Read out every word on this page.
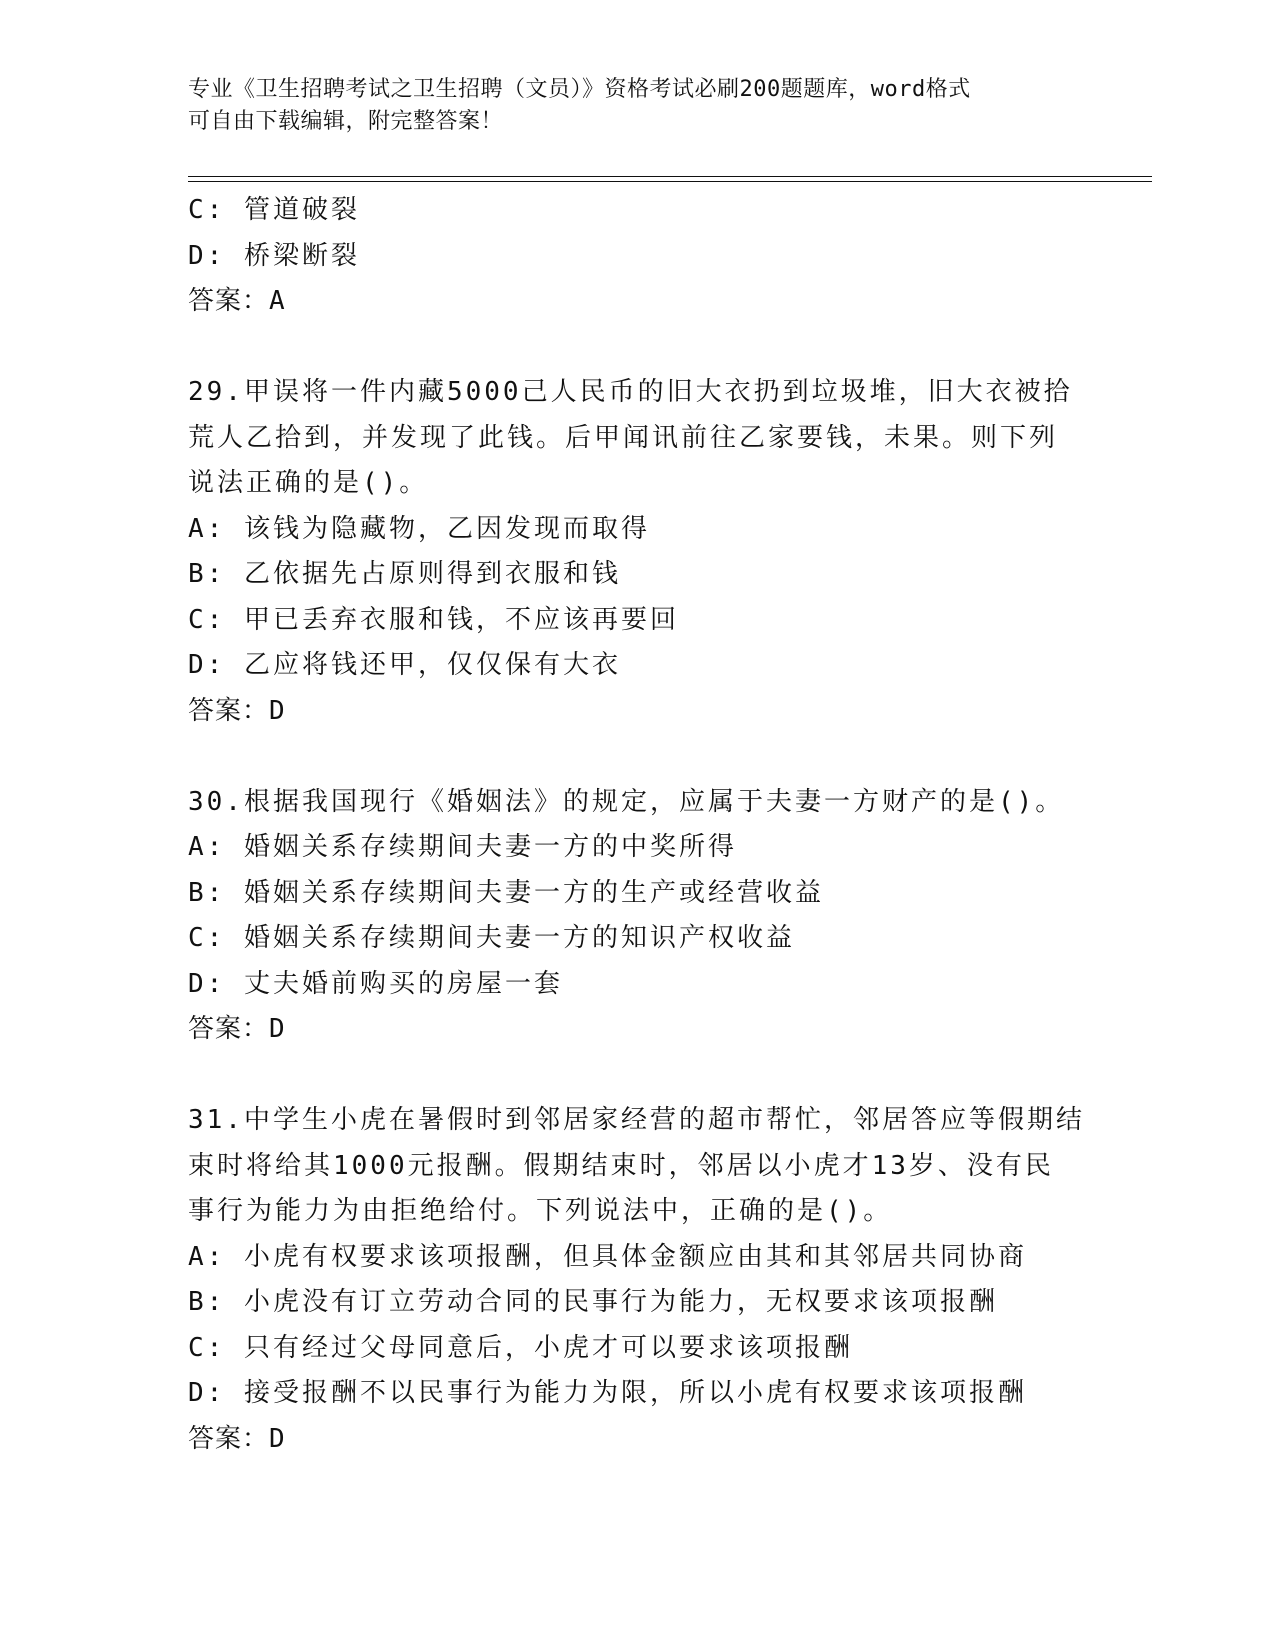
专业《卫生招聘考试之卫生招聘（文员）》资格考试必刷200题题库，word格式
可自由下载编辑，附完整答案！
C: 管道破裂
D: 桥梁断裂
答案：A
29.甲误将一件内藏5000己人民币的旧大衣扔到垃圾堆，旧大衣被拾
荒人乙拾到，并发现了此钱。后甲闻讯前往乙家要钱，未果。则下列
说法正确的是()。
A: 该钱为隐藏物，乙因发现而取得
B: 乙依据先占原则得到衣服和钱
C: 甲已丢弃衣服和钱，不应该再要回
D: 乙应将钱还甲，仅仅保有大衣
答案：D
30.根据我国现行《婚姻法》的规定，应属于夫妻一方财产的是()。
A: 婚姻关系存续期间夫妻一方的中奖所得
B: 婚姻关系存续期间夫妻一方的生产或经营收益
C: 婚姻关系存续期间夫妻一方的知识产权收益
D: 丈夫婚前购买的房屋一套
答案：D
31.中学生小虎在暑假时到邻居家经营的超市帮忙，邻居答应等假期结
束时将给其1000元报酬。假期结束时，邻居以小虎才13岁、没有民
事行为能力为由拒绝给付。下列说法中，正确的是()。
A: 小虎有权要求该项报酬，但具体金额应由其和其邻居共同协商
B: 小虎没有订立劳动合同的民事行为能力，无权要求该项报酬
C: 只有经过父母同意后，小虎才可以要求该项报酬
D: 接受报酬不以民事行为能力为限，所以小虎有权要求该项报酬
答案：D
